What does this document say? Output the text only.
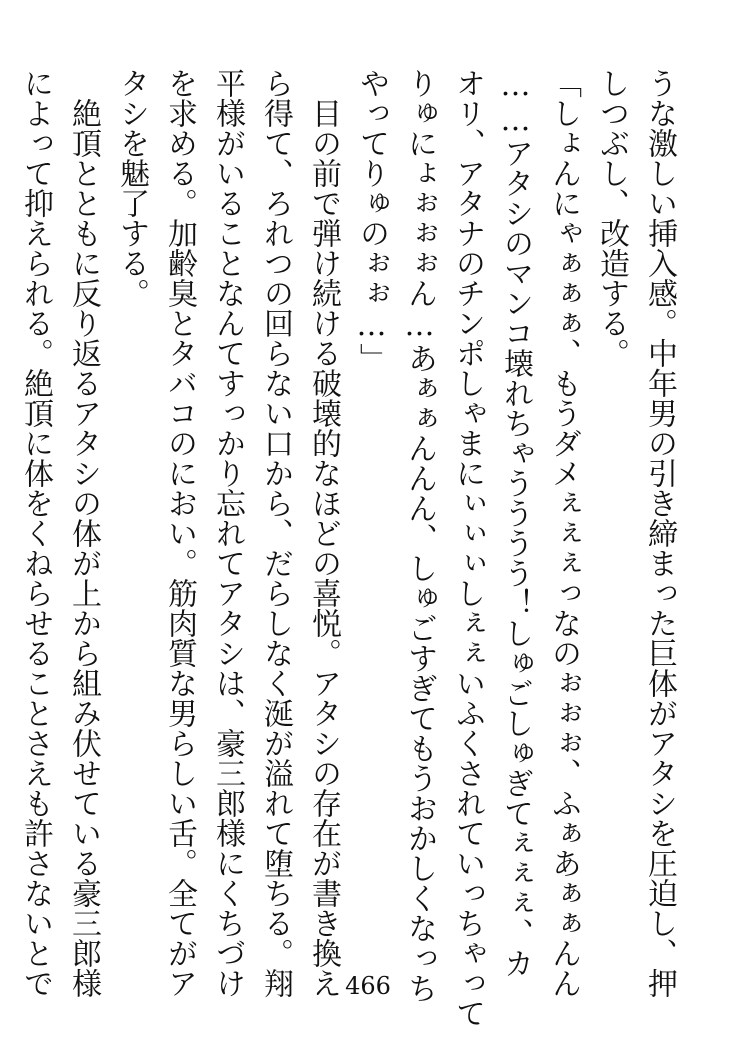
うな激しい挿入感。中年男の引き締まった巨体がアタシを圧迫し、押
しつぶし、改造する。
「しょんにゃぁぁぁ、もうダメぇぇぇっなのぉぉぉ、ふぁあぁぁんん
……アタシのマンコ壊れちゃうううう！しゅごしゅぎてぇぇぇ、カ
オリ、アタナのチンポしゃまにぃぃぃしぇぇいふくされていっちゃって
りゅにょぉぉぉん…あぁぁんんん、しゅごすぎてもうおかしくなっち
やってりゅのぉぉ…」
　目の前で弾け続ける破壊的なほどの喜悦。アタシの存在が書き換え
ら得て、ろれつの回らない口から、だらしなく涎が溢れて堕ちる。翔
平様がいることなんてすっかり忘れてアタシは、豪三郎様にくちづけ
を求める。加齢臭とタバコのにおい。筋肉質な男らしい舌。全てがア
タシを魅了する。
　絶頂とともに反り返るアタシの体が上から組み伏せている豪三郎様
によって抑えられる。絶頂に体をくねらせることさえも許さないとで	466
